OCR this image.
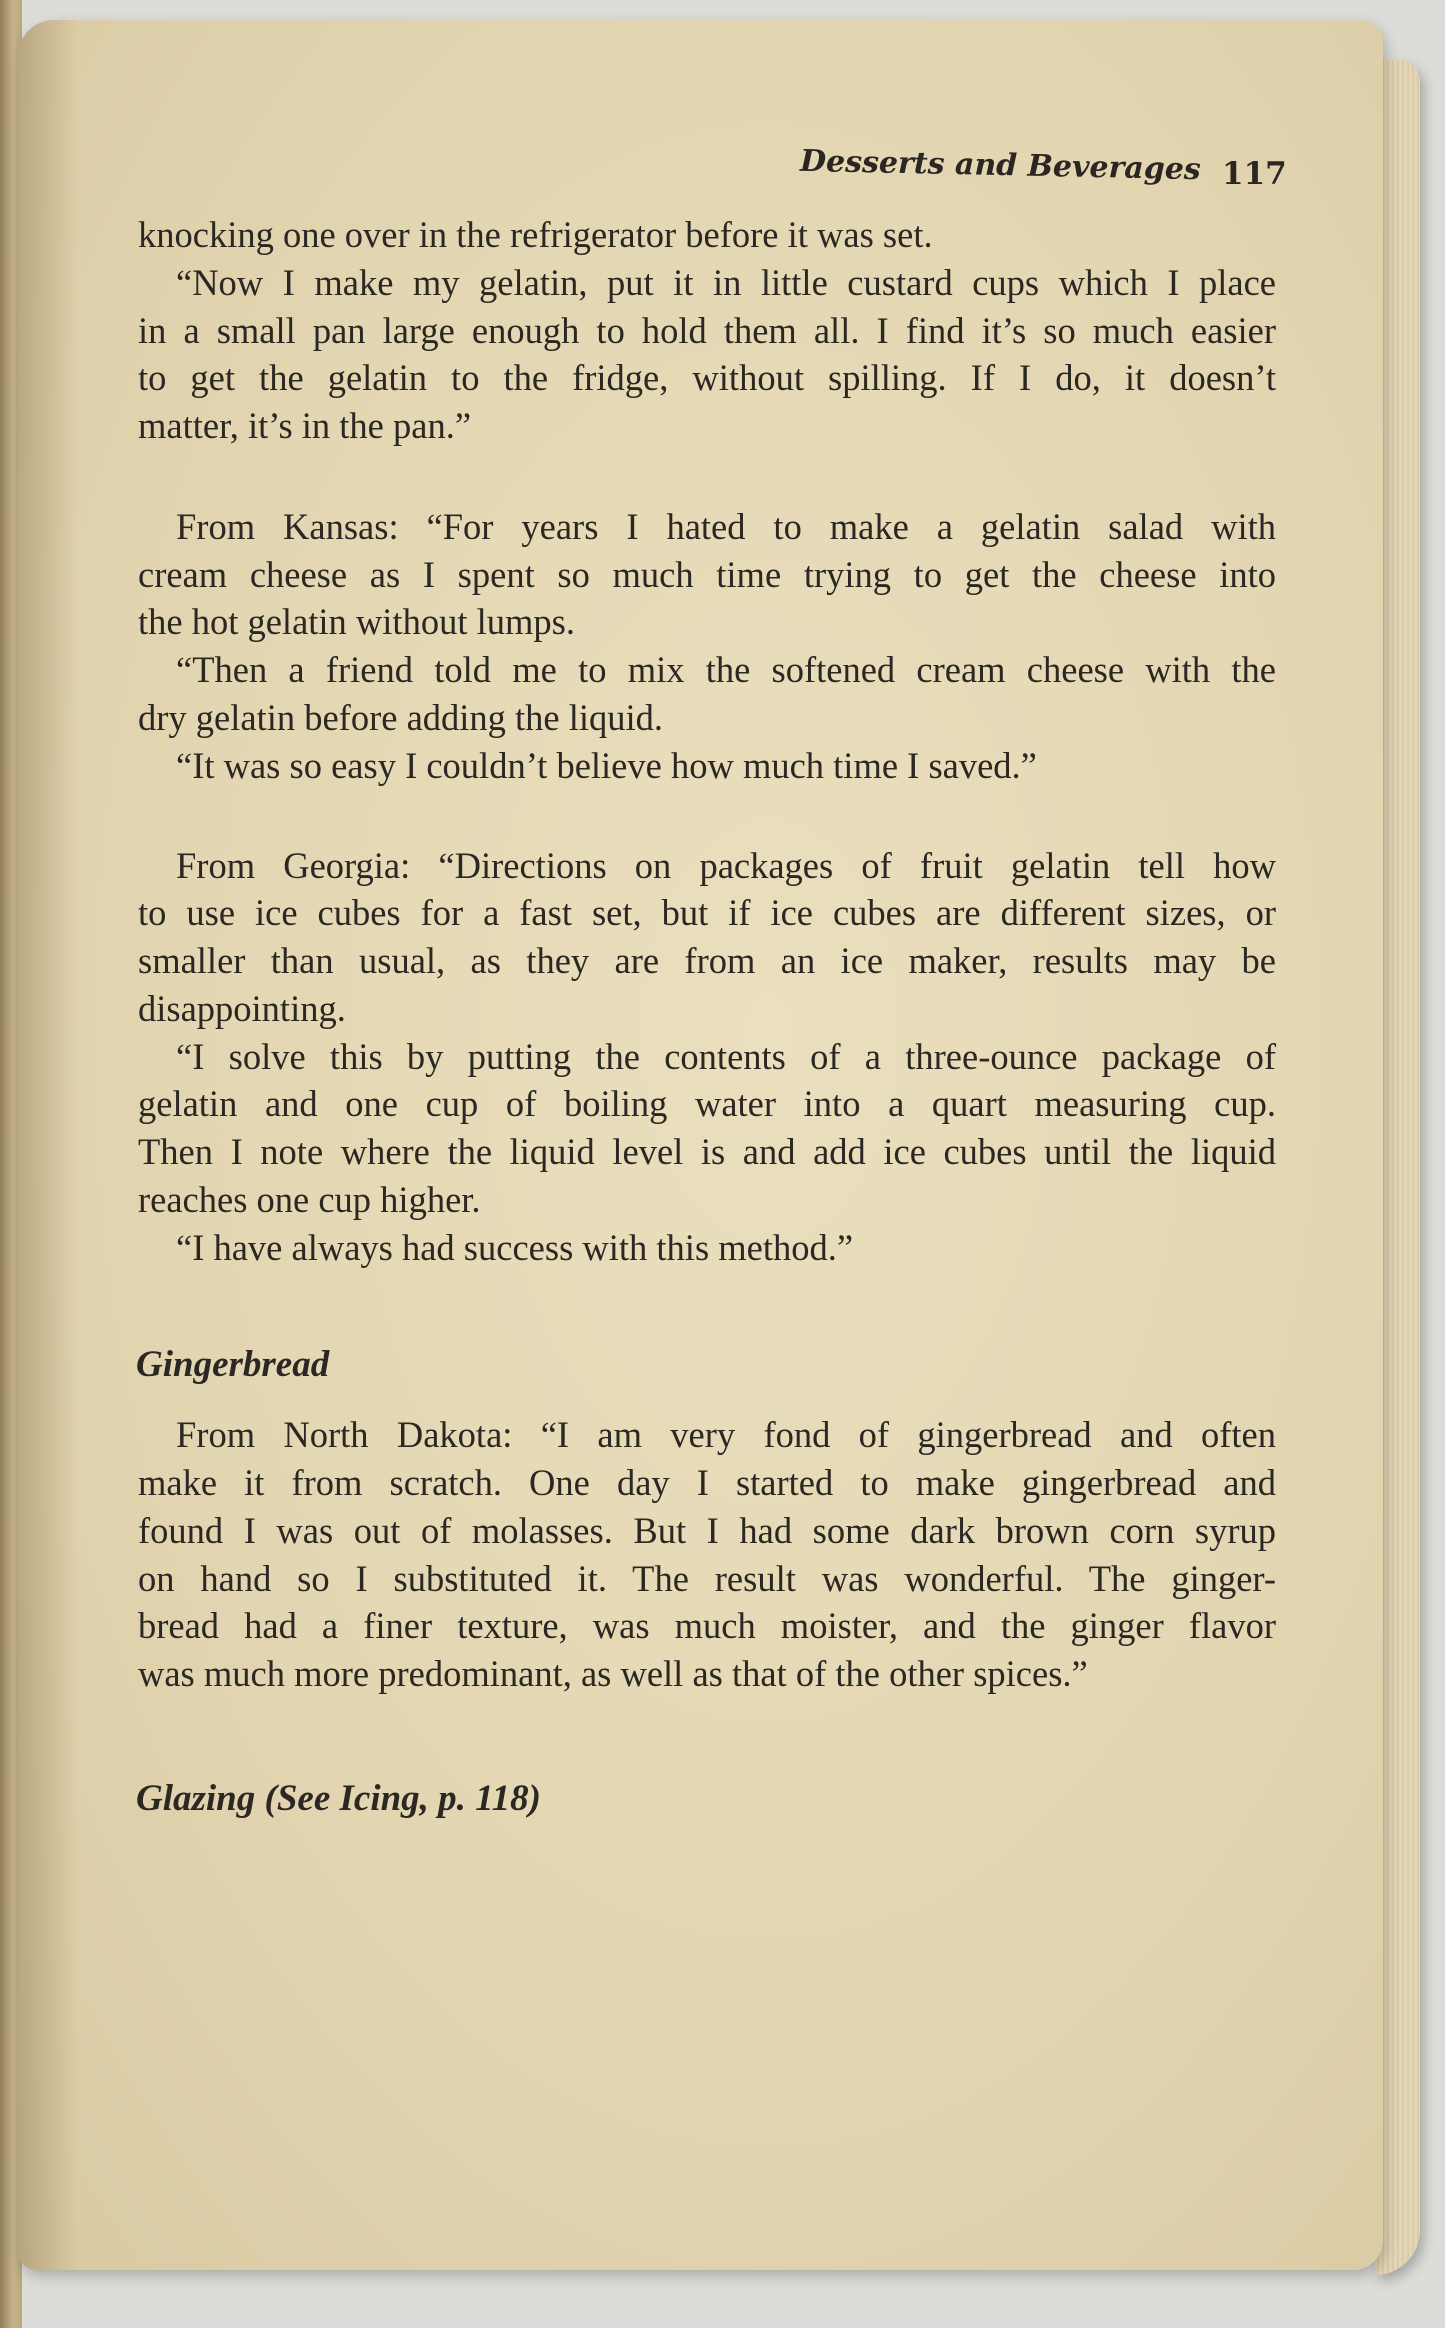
Desserts and Beverages 117

knocking one over in the refrigerator before it was set.

“Now I make my gelatin, put it in little custard cups which I place

in a small pan large enough to hold them all. I find it’s so much easier

to get the gelatin to the fridge, without spilling. If I do, it doesn’t

matter, it’s in the pan.”

From Kansas: “For years I hated to make a gelatin salad with

cream cheese as I spent so much time trying to get the cheese into

the hot gelatin without lumps.

“Then a friend told me to mix the softened cream cheese with the

dry gelatin before adding the liquid.

“It was so easy I couldn’t believe how much time I saved.”

From Georgia: “Directions on packages of fruit gelatin tell how

to use ice cubes for a fast set, but if ice cubes are different sizes, or

smaller than usual, as they are from an ice maker, results may be

disappointing.

“I solve this by putting the contents of a three-ounce package of

gelatin and one cup of boiling water into a quart measuring cup.

Then I note where the liquid level is and add ice cubes until the liquid

reaches one cup higher.

“I have always had success with this method.”

Gingerbread

From North Dakota: “I am very fond of gingerbread and often

make it from scratch. One day I started to make gingerbread and

found I was out of molasses. But I had some dark brown corn syrup

on hand so I substituted it. The result was wonderful. The ginger-

bread had a finer texture, was much moister, and the ginger flavor

was much more predominant, as well as that of the other spices.”

Glazing (See Icing, p. 118)
